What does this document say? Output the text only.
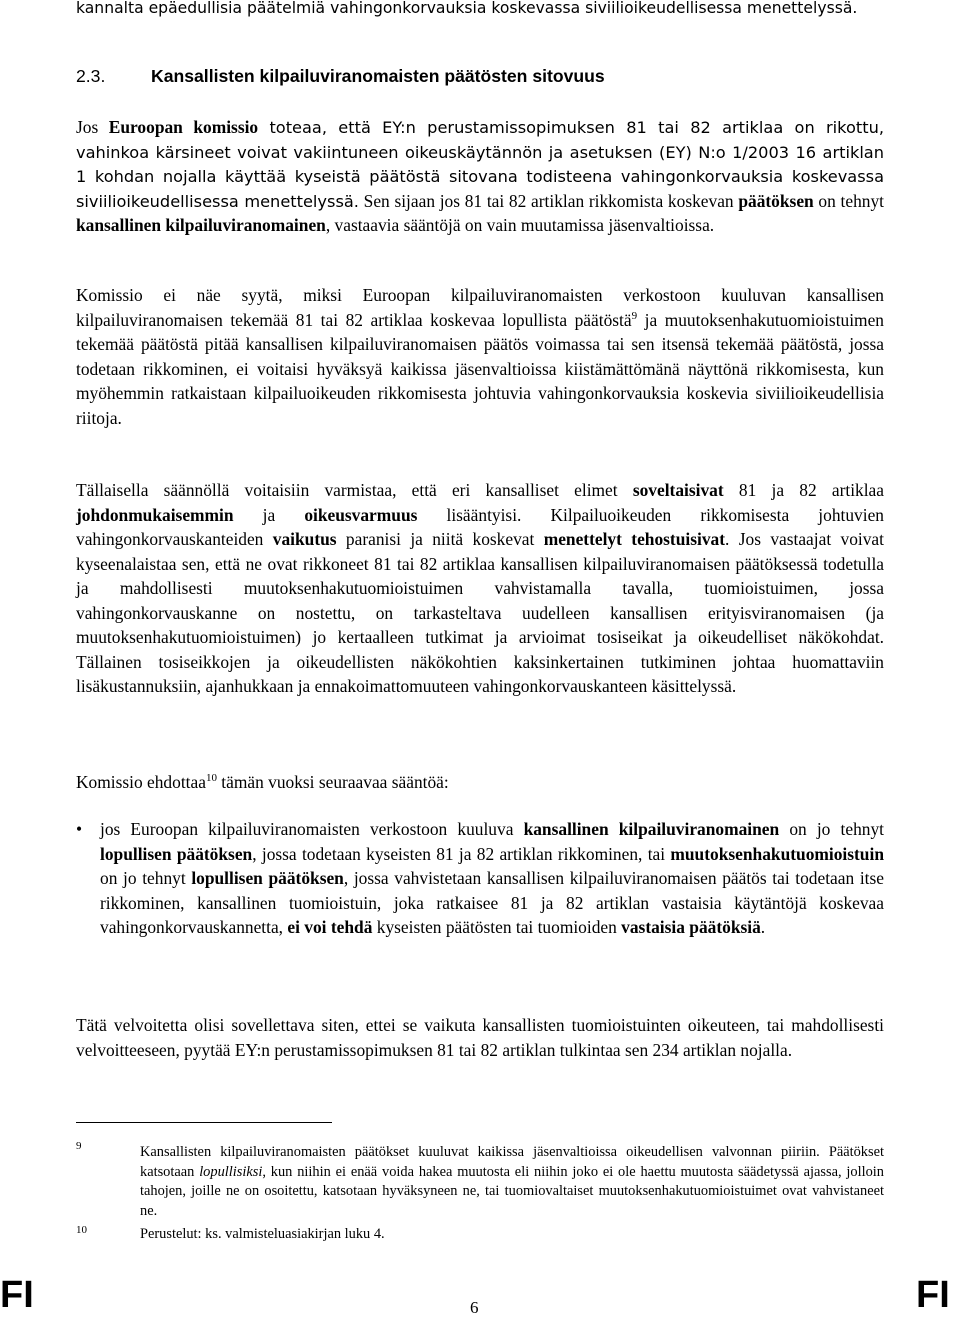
kannalta epäedullisia päätelmiä vahingonkorvauksia koskevassa siviilioikeudellisessa menettelyssä.

2.3.	Kansallisten kilpailuviranomaisten päätösten sitovuus

Jos Euroopan komissio toteaa, että EY:n perustamissopimuksen 81 tai 82 artiklaa on rikottu, vahinkoa kärsineet voivat vakiintuneen oikeuskäytännön ja asetuksen (EY) N:o 1/2003 16 artiklan 1 kohdan nojalla käyttää kyseistä päätöstä sitovana todisteena vahingonkorvauksia koskevassa siviilioikeudellisessa menettelyssä. Sen sijaan jos 81 tai 82 artiklan rikkomista koskevan päätöksen on tehnyt kansallinen kilpailuviranomainen, vastaavia sääntöjä on vain muutamissa jäsenvaltioissa.

Komissio ei näe syytä, miksi Euroopan kilpailuviranomaisten verkostoon kuuluvan kansallisen kilpailuviranomaisen tekemää 81 tai 82 artiklaa koskevaa lopullista päätöstä$^9$ ja muutoksenhakutuomioistuimen tekemää päätöstä pitää kansallisen kilpailuviranomaisen päätös voimassa tai sen itsensä tekemää päätöstä, jossa todetaan rikkominen, ei voitaisi hyväksyä kaikissa jäsenvaltioissa kiistämättömänä näyttönä rikkomisesta, kun myöhemmin ratkaistaan kilpailuoikeuden rikkomisesta johtuvia vahingonkorvauksia koskevia siviilioikeudellisia riitoja.

Tällaisella säännöllä voitaisiin varmistaa, että eri kansalliset elimet soveltaisivat 81 ja 82 artiklaa johdonmukaisemmin ja oikeusvarmuus lisääntyisi. Kilpailuoikeuden rikkomisesta johtuvien vahingonkorvauskanteiden vaikutus paranisi ja niitä koskevat menettelyt tehostuisivat. Jos vastaajat voivat kyseenalaistaa sen, että ne ovat rikkoneet 81 tai 82 artiklaa kansallisen kilpailuviranomaisen päätöksessä todetulla ja mahdollisesti muutoksenhakutuomioistuimen vahvistamalla tavalla, tuomioistuimen, jossa vahingonkorvauskanne on nostettu, on tarkasteltava uudelleen kansallisen erityisviranomaisen (ja muutoksenhakutuomioistuimen) jo kertaalleen tutkimat ja arvioimat tosiseikat ja oikeudelliset näkökohdat. Tällainen tosiseikkojen ja oikeudellisten näkökohtien kaksinkertainen tutkiminen johtaa huomattaviin lisäkustannuksiin, ajanhukkaan ja ennakoimattomuuteen vahingonkorvauskanteen käsittelyssä.

Komissio ehdottaa$^{10}$ tämän vuoksi seuraavaa sääntöä:

• jos Euroopan kilpailuviranomaisten verkostoon kuuluva kansallinen kilpailuviranomainen on jo tehnyt lopullisen päätöksen, jossa todetaan kyseisten 81 ja 82 artiklan rikkominen, tai muutoksenhakutuomioistuin on jo tehnyt lopullisen päätöksen, jossa vahvistetaan kansallisen kilpailuviranomaisen päätös tai todetaan itse rikkominen, kansallinen tuomioistuin, joka ratkaisee 81 ja 82 artiklan vastaisia käytäntöjä koskevaa vahingonkorvauskannetta, ei voi tehdä kyseisten päätösten tai tuomioiden vastaisia päätöksiä.

Tätä velvoitetta olisi sovellettava siten, ettei se vaikuta kansallisten tuomioistuinten oikeuteen, tai mahdollisesti velvoitteeseen, pyytää EY:n perustamissopimuksen 81 tai 82 artiklan tulkintaa sen 234 artiklan nojalla.

9	Kansallisten kilpailuviranomaisten päätökset kuuluvat kaikissa jäsenvaltioissa oikeudellisen valvonnan piiriin. Päätökset katsotaan lopullisiksi, kun niihin ei enää voida hakea muutosta eli niihin joko ei ole haettu muutosta säädetyssä ajassa, jolloin tahojen, joille ne on osoitettu, katsotaan hyväksyneen ne, tai tuomiovaltaiset muutoksenhakutuomioistuimet ovat vahvistaneet ne.

10	Perustelut: ks. valmisteluasiakirjan luku 4.

FI	6	FI
